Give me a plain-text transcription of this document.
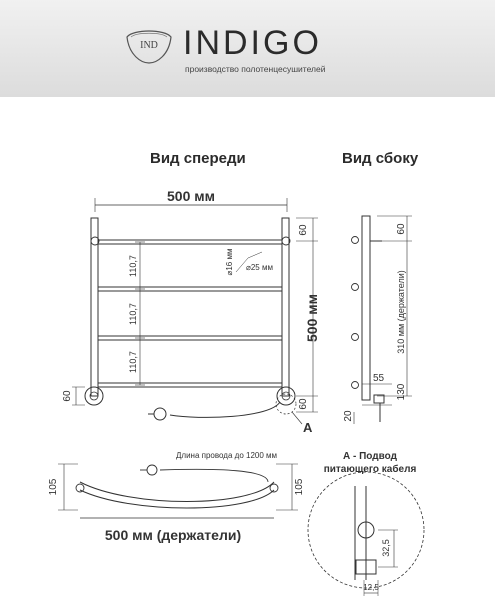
IND INDIGO
производство полотенцесушителей
Вид спереди	Вид сбоку
500 мм
500 мм
60
60
110,7
110,7
110,7
60
⌀16 мм ⌀25 мм
A
60
310 мм (держатели)
55
130
20
Длина провода до 1200 мм
105	105
500 мм (держатели)
А - Подвод
питающего кабеля
32,5
12,5
